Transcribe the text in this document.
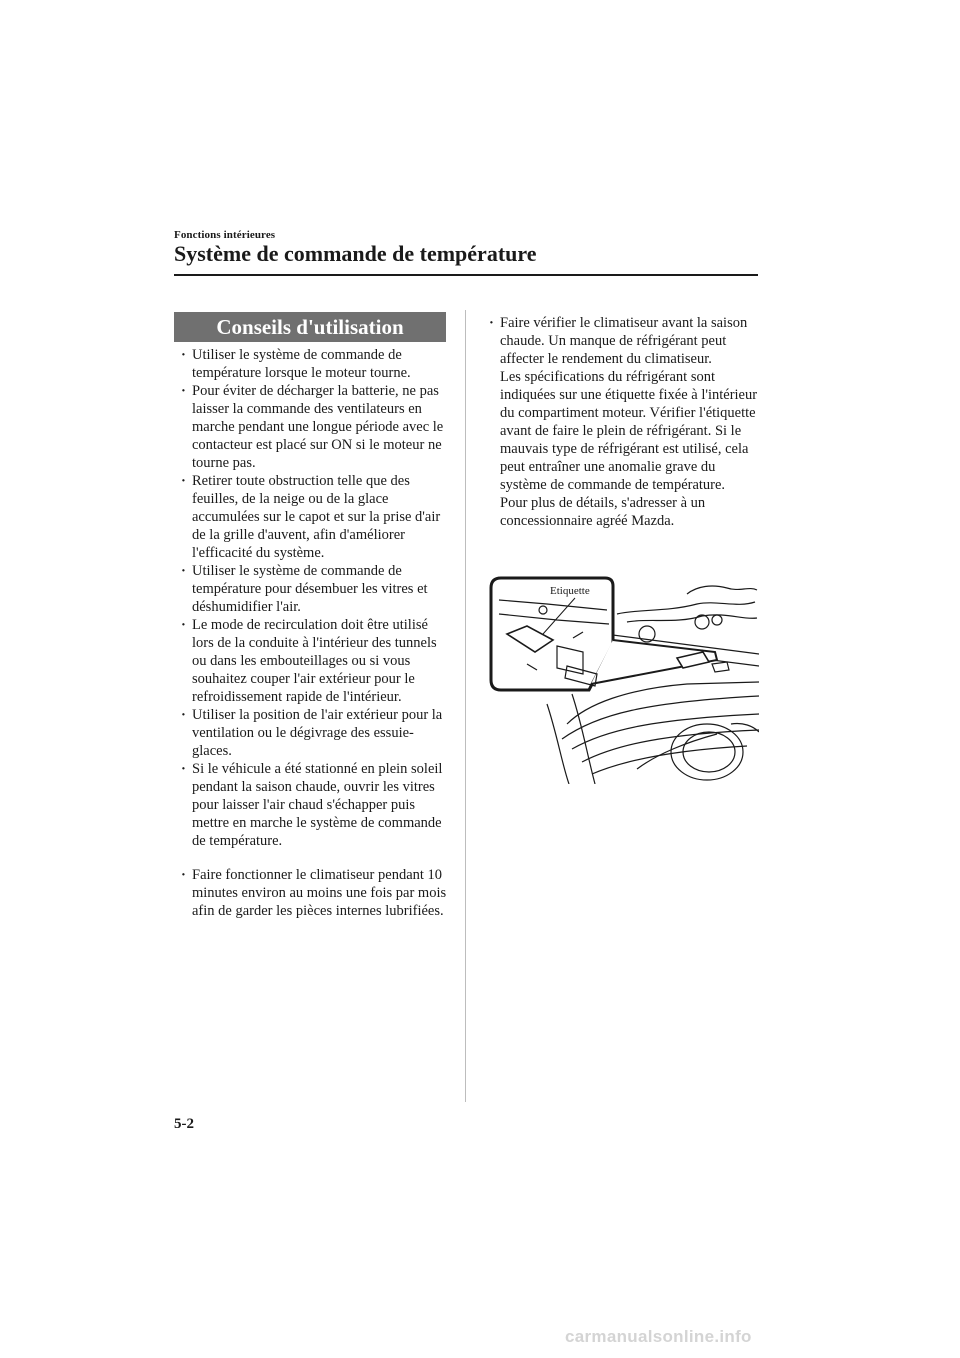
Fonctions intérieures
Système de commande de température
Conseils d'utilisation
· Utiliser le système de commande de température lorsque le moteur tourne.
· Pour éviter de décharger la batterie, ne pas laisser la commande des ventilateurs en marche pendant une longue période avec le contacteur est placé sur ON si le moteur ne tourne pas.
· Retirer toute obstruction telle que des feuilles, de la neige ou de la glace accumulées sur le capot et sur la prise d'air de la grille d'auvent, afin d'améliorer l'efficacité du système.
· Utiliser le système de commande de température pour désembuer les vitres et déshumidifier l'air.
· Le mode de recirculation doit être utilisé lors de la conduite à l'intérieur des tunnels ou dans les embouteillages ou si vous souhaitez couper l'air extérieur pour le refroidissement rapide de l'intérieur.
· Utiliser la position de l'air extérieur pour la ventilation ou le dégivrage des essuie-glaces.
· Si le véhicule a été stationné en plein soleil pendant la saison chaude, ouvrir les vitres pour laisser l'air chaud s'échapper puis mettre en marche le système de commande de température.
· Faire fonctionner le climatiseur pendant 10 minutes environ au moins une fois par mois afin de garder les pièces internes lubrifiées.
· Faire vérifier le climatiseur avant la saison chaude. Un manque de réfrigérant peut affecter le rendement du climatiseur.
Les spécifications du réfrigérant sont indiquées sur une étiquette fixée à l'intérieur du compartiment moteur. Vérifier l'étiquette avant de faire le plein de réfrigérant. Si le mauvais type de réfrigérant est utilisé, cela peut entraîner une anomalie grave du système de commande de température.
Pour plus de détails, s'adresser à un concessionnaire agréé Mazda.
Etiquette
5-2
carmanualsonline.info
